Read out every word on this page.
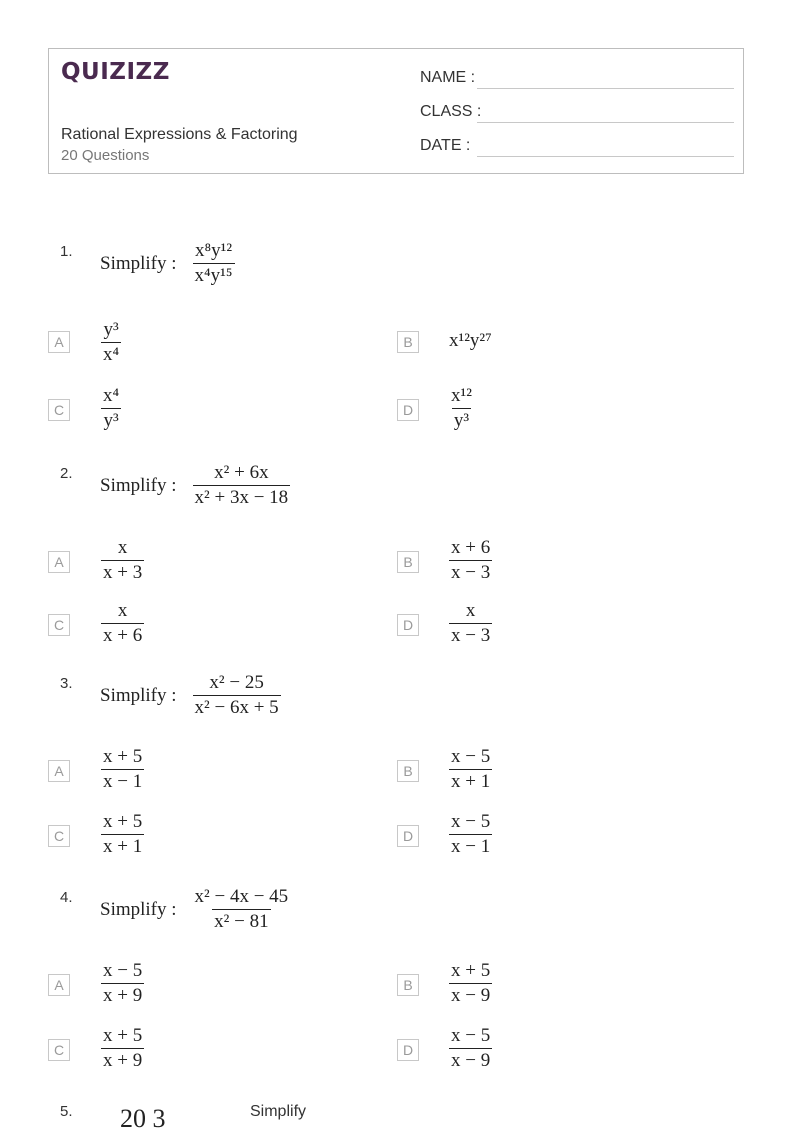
QUIZIZZ
Rational Expressions & Factoring
20 Questions
NAME :
CLASS :
DATE :
1.
Simplify : $\frac{\text{x⁸y¹²}}{\text{x⁴y¹⁵}}$
A	$\frac{\text{y³}}{\text{x⁴}}$	B	x¹²y²⁷
C	$\frac{\text{x⁴}}{\text{y³}}$	D	$\frac{\text{x¹²}}{\text{y³}}$
2.
Simplify : $\frac{\text{x² + 6x}}{\text{x² + 3x − 18}}$
A	$\frac{x}{x + 3}$	B	$\frac{x + 6}{x - 3}$
C	$\frac{x}{x + 6}$	D	$\frac{x}{x - 3}$
3.
Simplify : $\frac{\text{x² − 25}}{\text{x² − 6x + 5}}$
A	$\frac{x + 5}{x - 1}$	B	$\frac{x - 5}{x + 1}$
C	$\frac{x + 5}{x + 1}$	D	$\frac{x - 5}{x - 1}$
4.
Simplify : $\frac{\text{x² − 4x − 45}}{\text{x² − 81}}$
A	$\frac{x - 5}{x + 9}$	B	$\frac{x + 5}{x - 9}$
C	$\frac{x + 5}{x + 9}$	D	$\frac{x - 5}{x - 9}$
5. 20 3	Simplify
